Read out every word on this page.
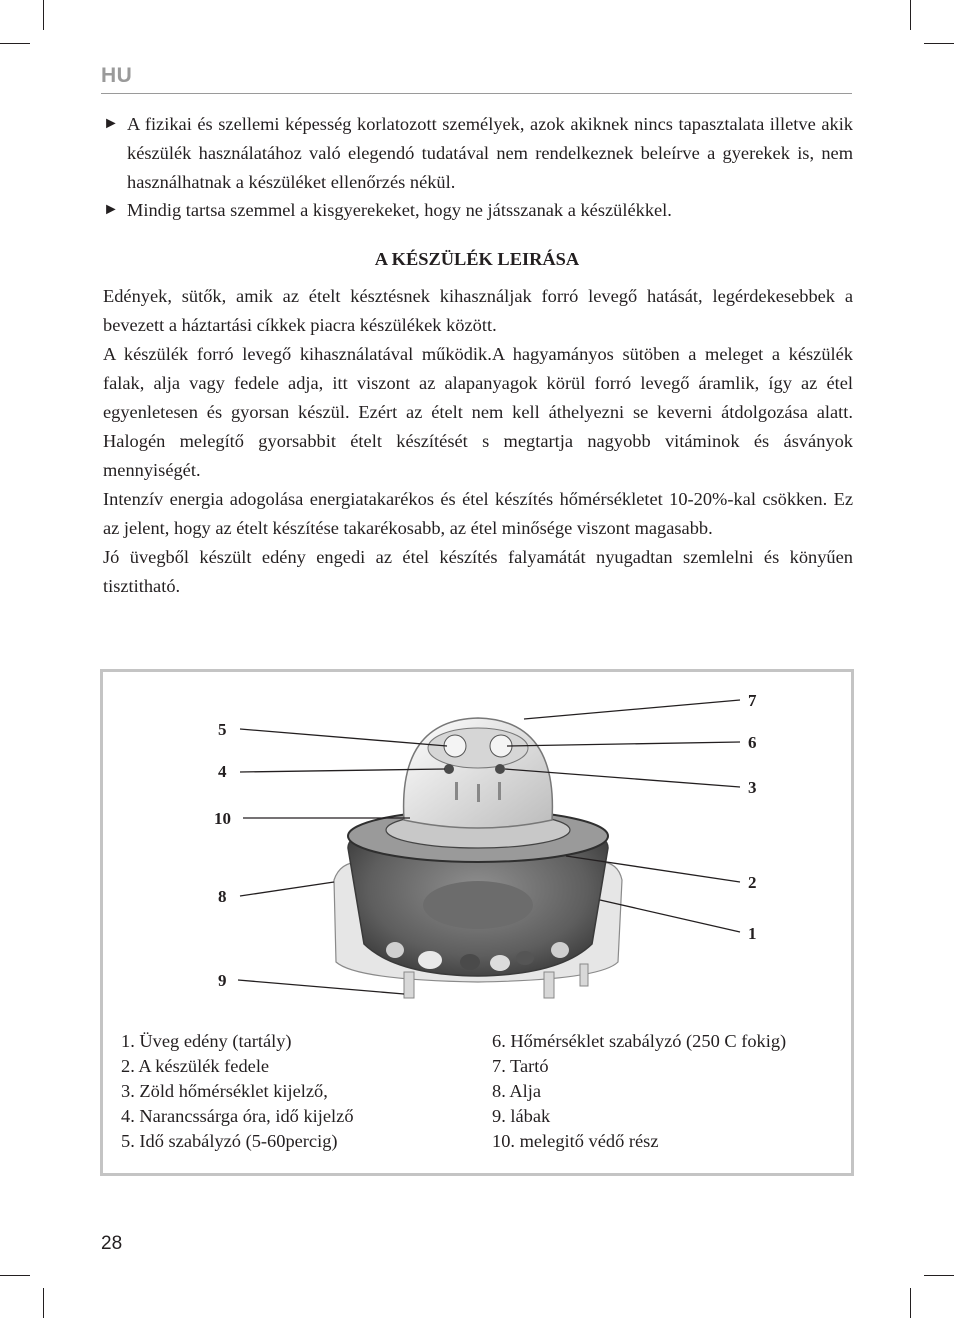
HU
► A fizikai és szellemi képesség korlatozott személyek, azok akiknek nincs tapasztalata illetve akik készülék használatához való elegendó tudatával nem rendelkeznek beleírve a gyerekek is, nem használhatnak a készüléket ellenőrzés nékül.
► Mindig tartsa szemmel a kisgyerekeket, hogy ne játsszanak a készülékkel.
A KÉSZÜLÉK LEIRÁSA

Edények, sütők, amik az ételt késztésnek kihasználjak forró levegő hatását, legérdekesebbek a bevezett a háztartási cíkkek piacra készülékek között.

A készülék forró levegő kihasználatával működik.A hagyamányos sütöben a meleget a készülék falak, alja vagy fedele adja, itt viszont az alapanyagok körül forró levegő áramlik, így az étel egyenletesen és gyorsan készül. Ezért az ételt nem kell áthelyezni se keverni átdolgozása alatt. Halogén melegítő gyorsabbit ételt készítését s megtartja nagyobb vitáminok és ásványok mennyiségét.

Intenzív energia adogolása energiatakarékos és étel készítés hőmérsékletet 10-20%-kal csökken. Ez az jelent, hogy az ételt készítése takarékosabb, az étel minősége viszont magasabb.

Jó üvegből készült edény engedi az étel készítés falyamátát nyugadtan szemlelni és könyűen tisztitható.

7
5
6
4
3
10
2
8
1
9
1. Üveg edény (tartály)
2. A készülék fedele
3. Zöld hőmérséklet kijelző,
4. Narancssárga óra, idő kijelző
5. Idő szabályzó (5-60percig)
6. Hőmérséklet szabályzó (250 C fokig)
7. Tartó
8. Alja
9. lábak
10. melegitő védő rész
28
